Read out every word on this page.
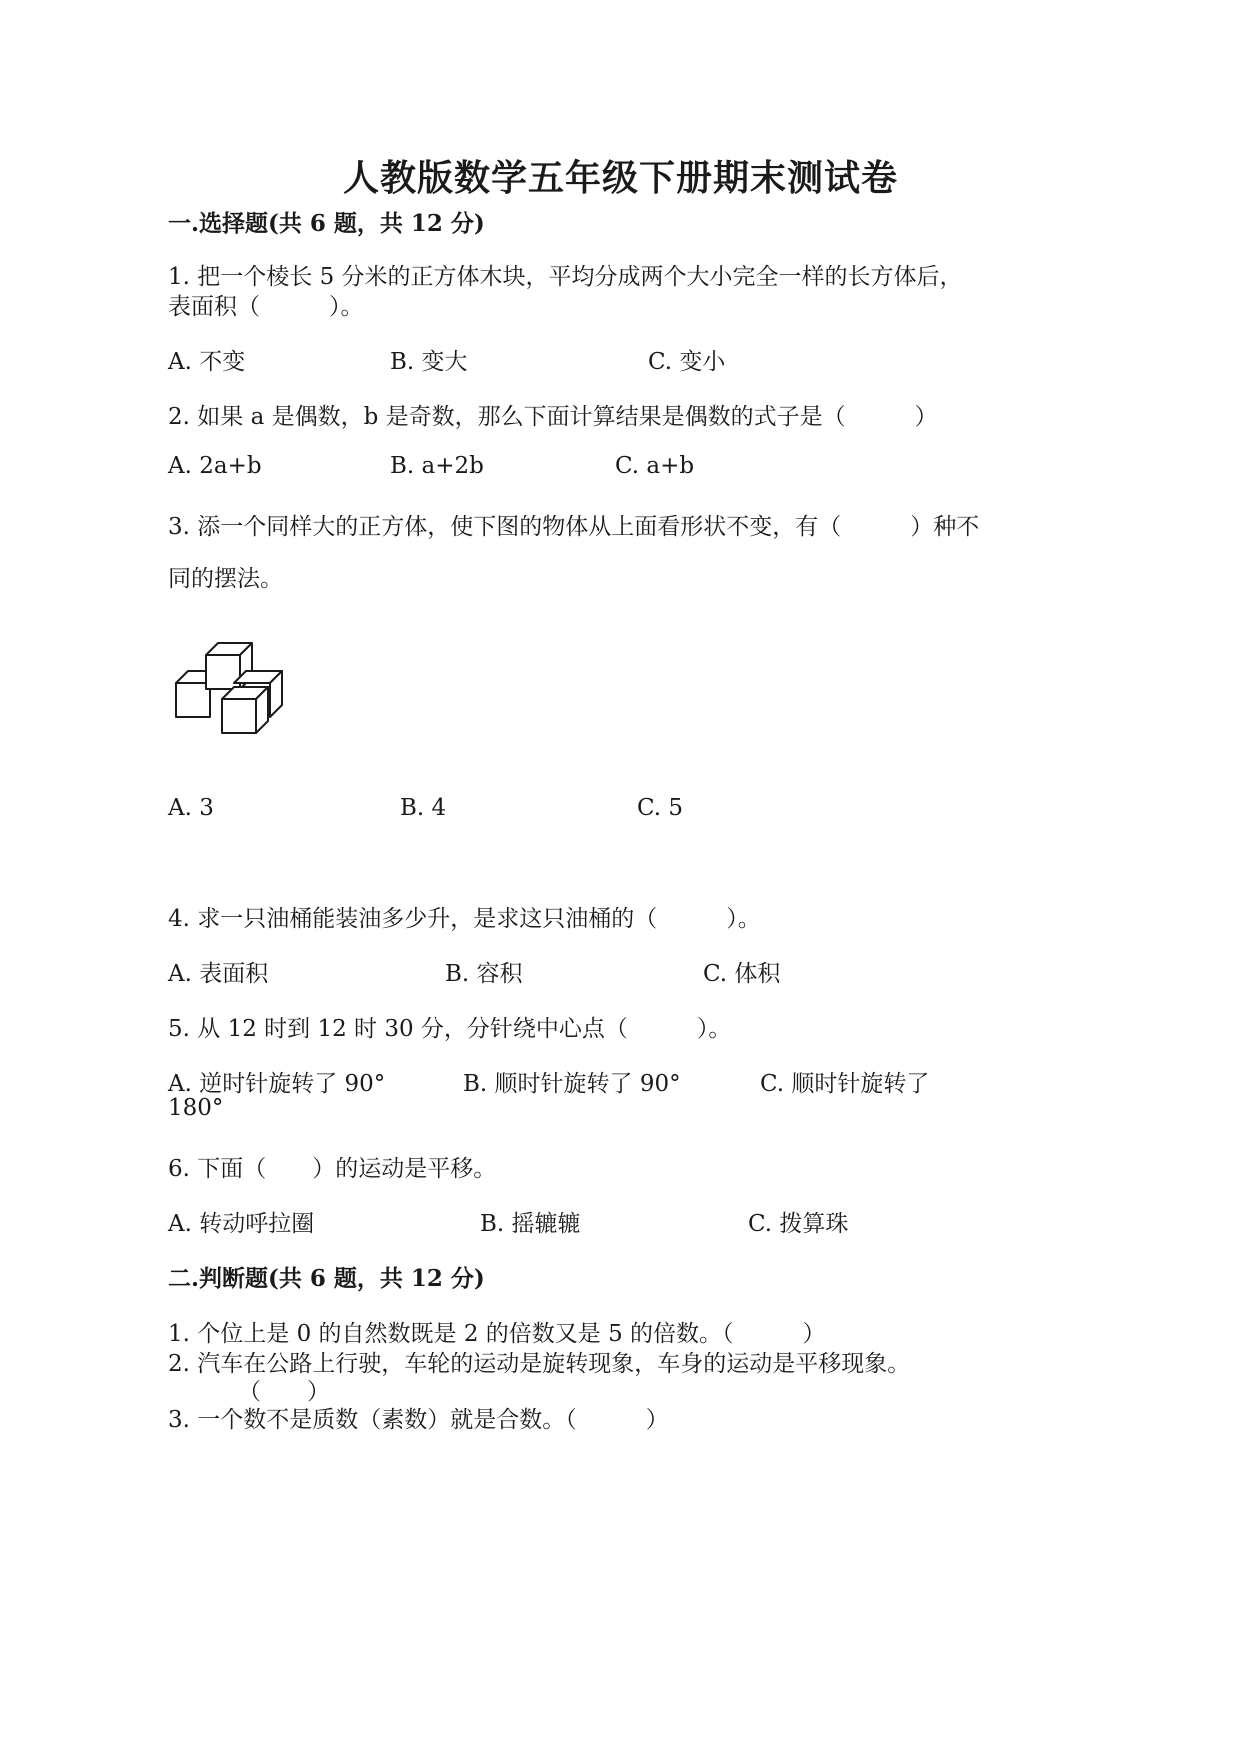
人教版数学五年级下册期末测试卷
一.选择题(共 6 题，共 12 分)
1. 把一个棱长 5 分米的正方体木块，平均分成两个大小完全一样的长方体后，
表面积（　　　）。
A. 不变	B. 变大	C. 变小
2. 如果 a 是偶数，b 是奇数，那么下面计算结果是偶数的式子是（　　　）
A. 2a+b	B. a+2b	C. a+b
3. 添一个同样大的正方体，使下图的物体从上面看形状不变，有（　　　）种不
同的摆法。
A. 3	B. 4	C. 5
4. 求一只油桶能装油多少升，是求这只油桶的（　　　）。
A. 表面积	B. 容积	C. 体积
5. 从 12 时到 12 时 30 分，分针绕中心点（　　　）。
A. 逆时针旋转了 90°	B. 顺时针旋转了 90°	C. 顺时针旋转了
180°
6. 下面（　　）的运动是平移。
A. 转动呼拉圈	B. 摇辘辘	C. 拨算珠
二.判断题(共 6 题，共 12 分)
1. 个位上是 0 的自然数既是 2 的倍数又是 5 的倍数。（　　　）
2. 汽车在公路上行驶，车轮的运动是旋转现象，车身的运动是平移现象。
（　　）
3. 一个数不是质数（素数）就是合数。（　　　）
